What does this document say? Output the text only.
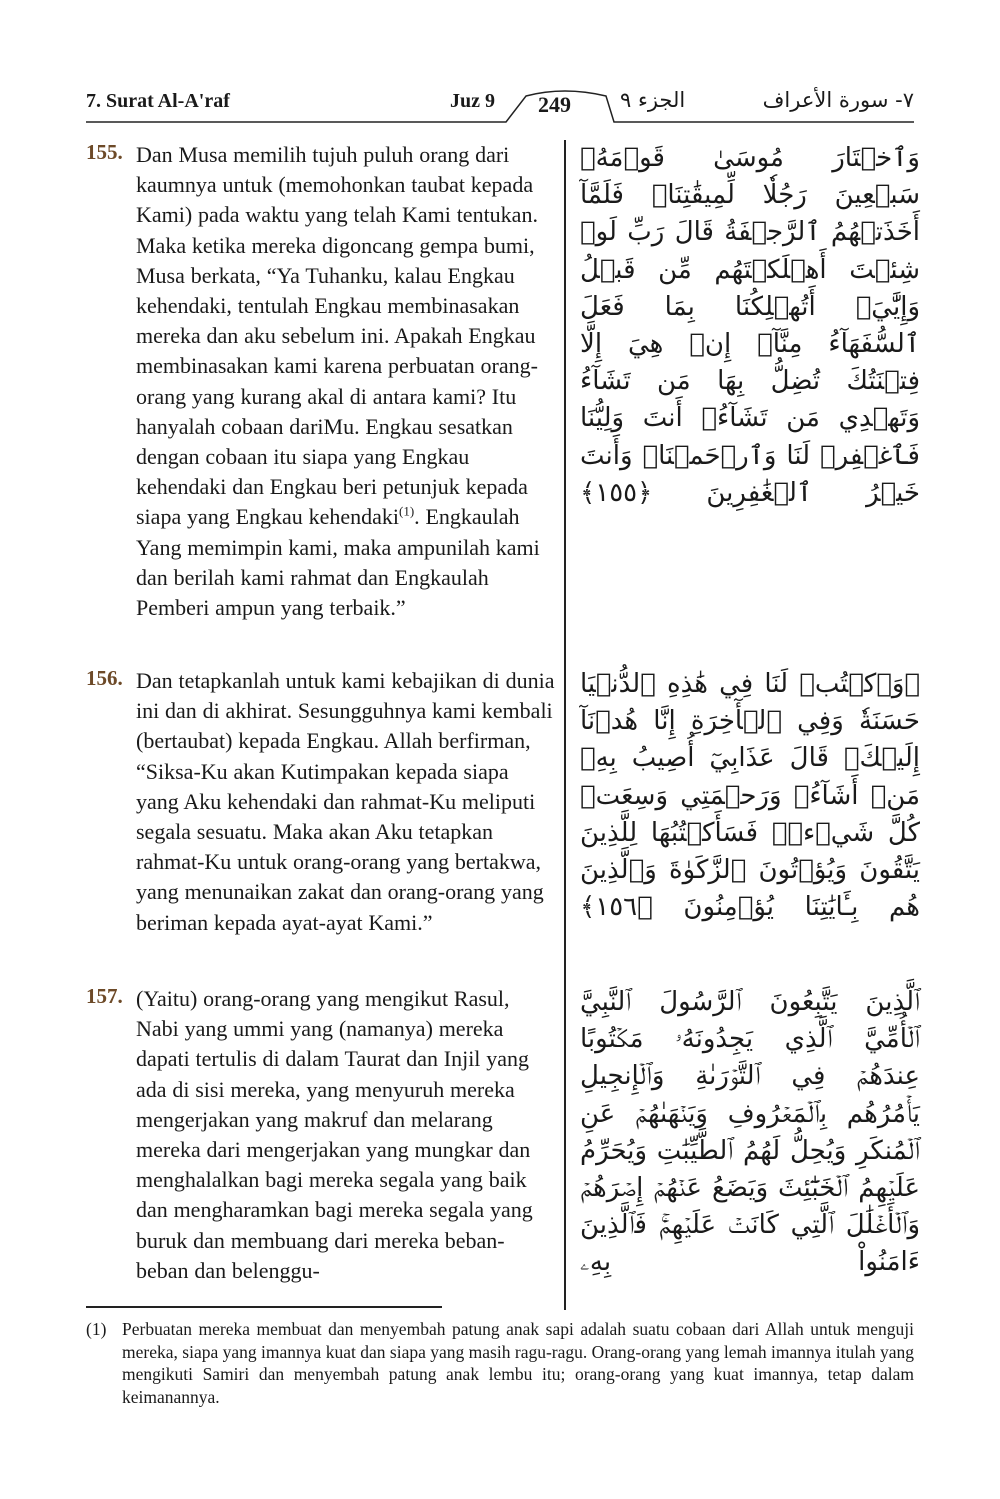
7. Surat Al-A'raf	Juz 9 249 الجزء ٩	٧- سورة الأعراف
155. Dan Musa memilih tujuh puluh orang dari kaumnya untuk (memohonkan taubat kepada Kami) pada waktu yang telah Kami tentukan. Maka ketika mereka digoncang gempa bumi, Musa berkata, “Ya Tuhanku, kalau Engkau kehendaki, tentulah Engkau membinasakan mereka dan aku sebelum ini. Apakah Engkau membinasakan kami karena perbuatan orang-orang yang kurang akal di antara kami? Itu hanyalah cobaan dariMu. Engkau sesatkan dengan cobaan itu siapa yang Engkau kehendaki dan Engkau beri petunjuk kepada siapa yang Engkau kehendaki$^{(1)}$. Engkaulah Yang memimpin kami, maka ampunilah kami dan berilah kami rahmat dan Engkaulah Pemberi ampun yang terbaik.”
وَٱخۡتَارَ مُوسَىٰ قَوۡمَهُۥ سَبۡعِينَ رَجُلٗا لِّمِيقَٰتِنَاۖ فَلَمَّآ أَخَذَتۡهُمُ ٱلرَّجۡفَةُ قَالَ رَبِّ لَوۡ شِئۡتَ أَهۡلَكۡتَهُم مِّن قَبۡلُ وَإِيَّٰيَۖ أَتُهۡلِكُنَا بِمَا فَعَلَ ٱلسُّفَهَآءُ مِنَّآۖ إِنۡ هِيَ إِلَّا فِتۡنَتُكَ تُضِلُّ بِهَا مَن تَشَآءُ وَتَهۡدِي مَن تَشَآءُۖ أَنتَ وَلِيُّنَا فَٱغۡفِرۡ لَنَا وَٱرۡحَمۡنَاۖ وَأَنتَ خَيۡرُ ٱلۡغَٰفِرِينَ ﴿١٥٥﴾
156. Dan tetapkanlah untuk kami kebajikan di dunia ini dan di akhirat. Sesungguhnya kami kembali (bertaubat) kepada Engkau. Allah berfirman, “Siksa-Ku akan Kutimpakan kepada siapa yang Aku kehendaki dan rahmat-Ku meliputi segala sesuatu. Maka akan Aku tetapkan rahmat-Ku untuk orang-orang yang bertakwa, yang menunaikan zakat dan orang-orang yang beriman kepada ayat-ayat Kami.”
۞وَٱكۡتُبۡ لَنَا فِي هَٰذِهِ ٱلدُّنۡيَا حَسَنَةٗ وَفِي ٱلۡأٓخِرَةِ إِنَّا هُدۡنَآ إِلَيۡكَۚ قَالَ عَذَابِيٓ أُصِيبُ بِهِۦ مَنۡ أَشَآءُۖ وَرَحۡمَتِي وَسِعَتۡ كُلَّ شَيۡءٖۚ فَسَأَكۡتُبُهَا لِلَّذِينَ يَتَّقُونَ وَيُؤۡتُونَ ٱلزَّكَوٰةَ وَٱلَّذِينَ هُم بِـَٔايَٰتِنَا يُؤۡمِنُونَ ﴿١٥٦﴾
157. (Yaitu) orang-orang yang mengikut Rasul, Nabi yang ummi yang (namanya) mereka dapati tertulis di dalam Taurat dan Injil yang ada di sisi mereka, yang menyuruh mereka mengerjakan yang makruf dan melarang mereka dari mengerjakan yang mungkar dan menghalalkan bagi mereka segala yang baik dan mengharamkan bagi mereka segala yang buruk dan membuang dari mereka beban-beban dan belenggu-
ٱلَّذِينَ يَتَّبِعُونَ ٱلرَّسُولَ ٱلنَّبِيَّ ٱلۡأُمِّيَّ ٱلَّذِي يَجِدُونَهُۥ مَكۡتُوبًا عِندَهُمۡ فِي ٱلتَّوۡرَىٰةِ وَٱلۡإِنجِيلِ يَأۡمُرُهُم بِٱلۡمَعۡرُوفِ وَيَنۡهَىٰهُمۡ عَنِ ٱلۡمُنكَرِ وَيُحِلُّ لَهُمُ ٱلطَّيِّبَٰتِ وَيُحَرِّمُ عَلَيۡهِمُ ٱلۡخَبَٰٓئِثَ وَيَضَعُ عَنۡهُمۡ إِصۡرَهُمۡ وَٱلۡأَغۡلَٰلَ ٱلَّتِي كَانَتۡ عَلَيۡهِمۡۚ فَٱلَّذِينَ ءَامَنُواْ بِهِۦ
(1) Perbuatan mereka membuat dan menyembah patung anak sapi adalah suatu cobaan dari Allah untuk menguji mereka, siapa yang imannya kuat dan siapa yang masih ragu-ragu. Orang-orang yang lemah imannya itulah yang mengikuti Samiri dan menyembah patung anak lembu itu; orang-orang yang kuat imannya, tetap dalam keimanannya.
